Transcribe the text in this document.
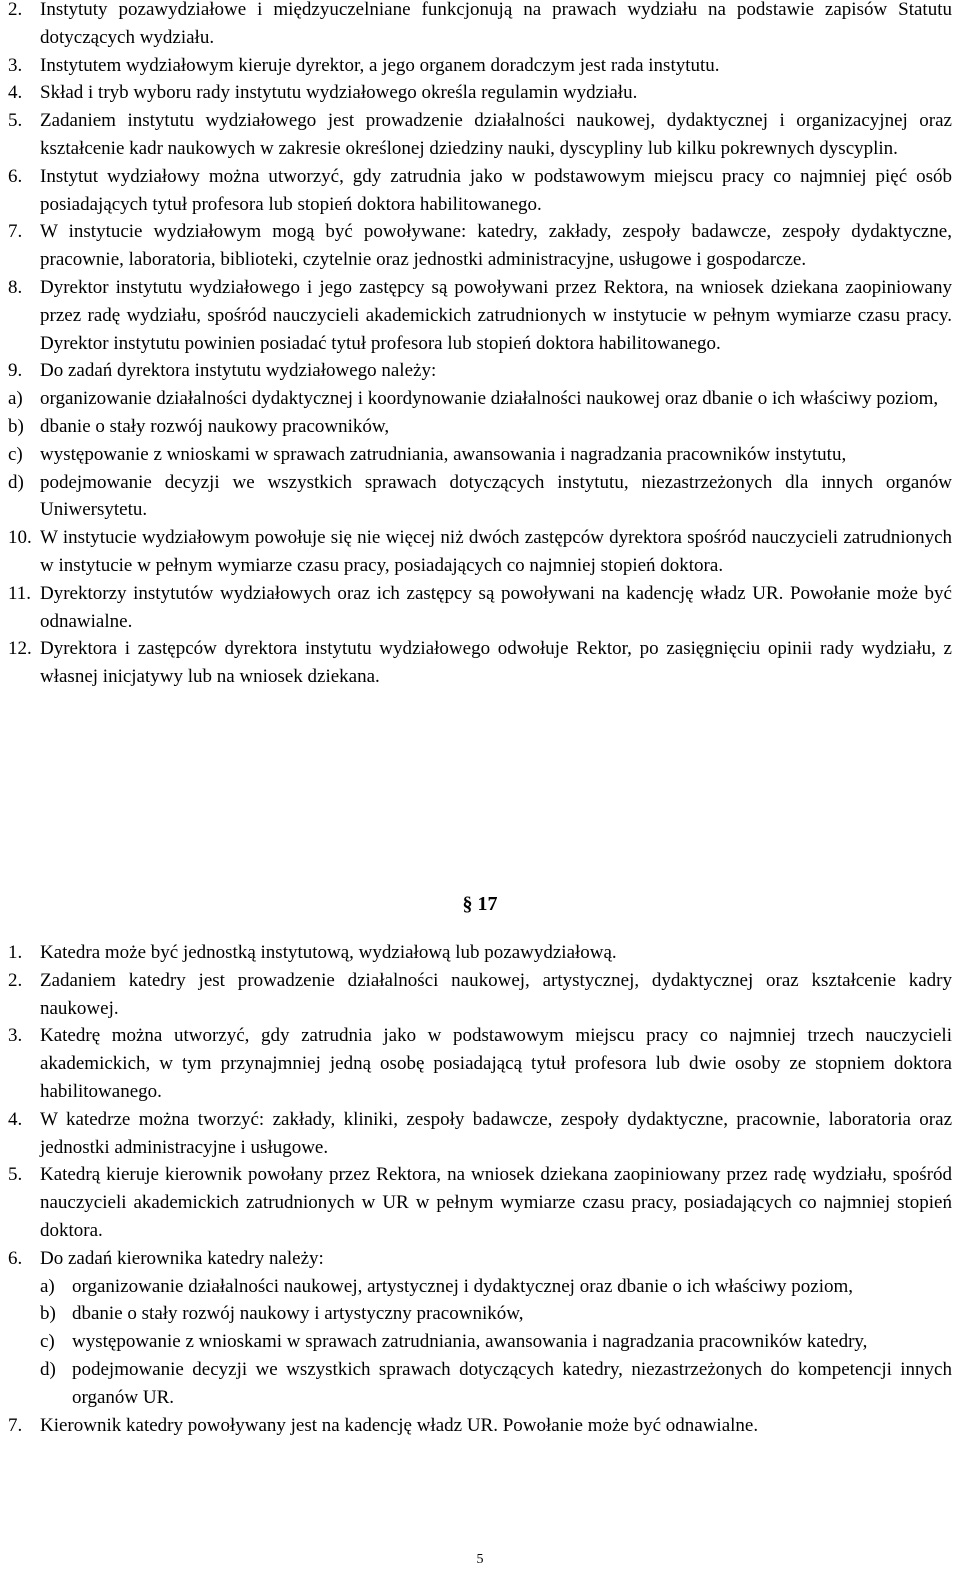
2. Instytuty pozawydziałowe i międzyuczelniane funkcjonują na prawach wydziału na podstawie zapisów Statutu dotyczących wydziału.
3. Instytutem wydziałowym kieruje dyrektor, a jego organem doradczym jest rada instytutu.
4. Skład i tryb wyboru rady instytutu wydziałowego określa regulamin wydziału.
5. Zadaniem instytutu wydziałowego jest prowadzenie działalności naukowej, dydaktycznej i organizacyjnej oraz kształcenie kadr naukowych w zakresie określonej dziedziny nauki, dyscypliny lub kilku pokrewnych dyscyplin.
6. Instytut wydziałowy można utworzyć, gdy zatrudnia jako w podstawowym miejscu pracy co najmniej pięć osób posiadających tytuł profesora lub stopień doktora habilitowanego.
7. W instytucie wydziałowym mogą być powoływane: katedry, zakłady, zespoły badawcze, zespoły dydaktyczne, pracownie, laboratoria, biblioteki, czytelnie oraz jednostki administracyjne, usługowe i gospodarcze.
8. Dyrektor instytutu wydziałowego i jego zastępcy są powoływani przez Rektora, na wniosek dziekana zaopiniowany przez radę wydziału, spośród nauczycieli akademickich zatrudnionych w instytucie w pełnym wymiarze czasu pracy. Dyrektor instytutu powinien posiadać tytuł profesora lub stopień doktora habilitowanego.
9. Do zadań dyrektora instytutu wydziałowego należy:
a) organizowanie działalności dydaktycznej i koordynowanie działalności naukowej oraz dbanie o ich właściwy poziom,
b) dbanie o stały rozwój naukowy pracowników,
c) występowanie z wnioskami w sprawach zatrudniania, awansowania i nagradzania pracowników instytutu,
d) podejmowanie decyzji we wszystkich sprawach dotyczących instytutu, niezastrzeżonych dla innych organów Uniwersytetu.
10. W instytucie wydziałowym powołuje się nie więcej niż dwóch zastępców dyrektora spośród nauczycieli zatrudnionych w instytucie w pełnym wymiarze czasu pracy, posiadających co najmniej stopień doktora.
11. Dyrektorzy instytutów wydziałowych oraz ich zastępcy są powoływani na kadencję władz UR. Powołanie może być odnawialne.
12. Dyrektora i zastępców dyrektora instytutu wydziałowego odwołuje Rektor, po zasięgnięciu opinii rady wydziału, z własnej inicjatywy lub na wniosek dziekana.
§ 17
1. Katedra może być jednostką instytutową, wydziałową lub pozawydziałową.
2. Zadaniem katedry jest prowadzenie działalności naukowej, artystycznej, dydaktycznej oraz kształcenie kadry naukowej.
3. Katedrę można utworzyć, gdy zatrudnia jako w podstawowym miejscu pracy co najmniej trzech nauczycieli akademickich, w tym przynajmniej jedną osobę posiadającą tytuł profesora lub dwie osoby ze stopniem doktora habilitowanego.
4. W katedrze można tworzyć: zakłady, kliniki, zespoły badawcze, zespoły dydaktyczne, pracownie, laboratoria oraz jednostki administracyjne i usługowe.
5. Katedrą kieruje kierownik powołany przez Rektora, na wniosek dziekana zaopiniowany przez radę wydziału, spośród nauczycieli akademickich zatrudnionych w UR w pełnym wymiarze czasu pracy, posiadających co najmniej stopień doktora.
6. Do zadań kierownika katedry należy:
a) organizowanie działalności naukowej, artystycznej i dydaktycznej oraz dbanie o ich właściwy poziom,
b) dbanie o stały rozwój naukowy i artystyczny pracowników,
c) występowanie z wnioskami w sprawach zatrudniania, awansowania i nagradzania pracowników katedry,
d) podejmowanie decyzji we wszystkich sprawach dotyczących katedry, niezastrzeżonych do kompetencji innych organów UR.
7. Kierownik katedry powoływany jest na kadencję władz UR. Powołanie może być odnawialne.
5
